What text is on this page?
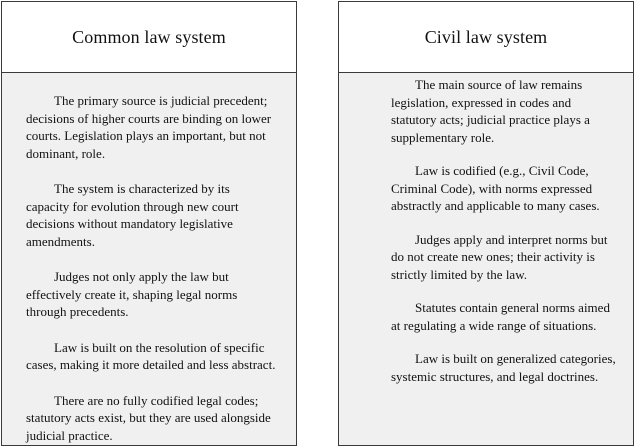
Common law system

The primary source is judicial precedent; decisions of higher courts are binding on lower courts. Legislation plays an important, but not dominant, role.

The system is characterized by its capacity for evolution through new court decisions without mandatory legislative amendments.

Judges not only apply the law but effectively create it, shaping legal norms through precedents.

Law is built on the resolution of specific cases, making it more detailed and less abstract.

There are no fully codified legal codes; statutory acts exist, but they are used alongside judicial practice.

Civil law system

The main source of law remains legislation, expressed in codes and statutory acts; judicial practice plays a supplementary role.

Law is codified (e.g., Civil Code, Criminal Code), with norms expressed abstractly and applicable to many cases.

Judges apply and interpret norms but do not create new ones; their activity is strictly limited by the law.

Statutes contain general norms aimed at regulating a wide range of situations.

Law is built on generalized categories, systemic structures, and legal doctrines.
